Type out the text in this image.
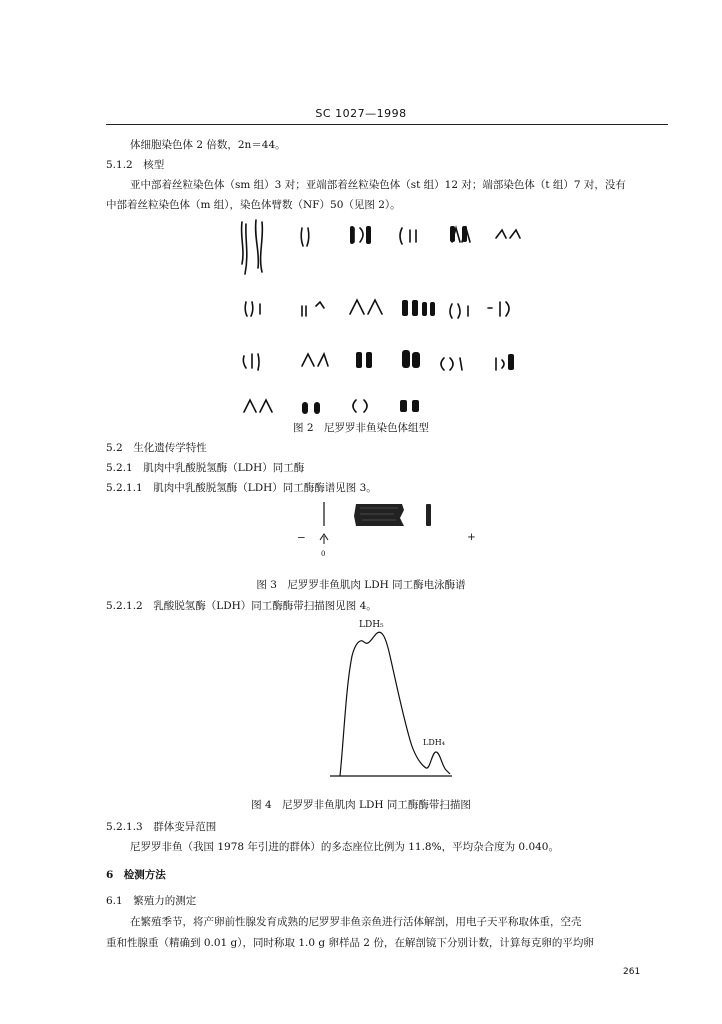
SC 1027—1998
体细胞染色体 2 倍数，2n＝44。
5.1.2　核型
亚中部着丝粒染色体（sm 组）3 对；亚端部着丝粒染色体（st 组）12 对；端部染色体（t 组）7 对，没有
中部着丝粒染色体（m 组），染色体臂数（NF）50（见图 2）。
图 2　尼罗罗非鱼染色体组型
5.2　生化遗传学特性
5.2.1　肌肉中乳酸脱氢酶（LDH）同工酶
5.2.1.1　肌肉中乳酸脱氢酶（LDH）同工酶酶谱见图 3。
−	+
0
图 3　尼罗罗非鱼肌肉 LDH 同工酶电泳酶谱
5.2.1.2　乳酸脱氢酶（LDH）同工酶酶带扫描图见图 4。
LDH₅
LDH₄
图 4　尼罗罗非鱼肌肉 LDH 同工酶酶带扫描图
5.2.1.3　群体变异范围
尼罗罗非鱼（我国 1978 年引进的群体）的多态座位比例为 11.8%，平均杂合度为 0.040。
6　检测方法
6.1　繁殖力的测定
在繁殖季节，将产卵前性腺发育成熟的尼罗罗非鱼亲鱼进行活体解剖，用电子天平称取体重，空壳
重和性腺重（精确到 0.01 g），同时称取 1.0 g 卵样品 2 份，在解剖镜下分别计数，计算每克卵的平均卵
261
